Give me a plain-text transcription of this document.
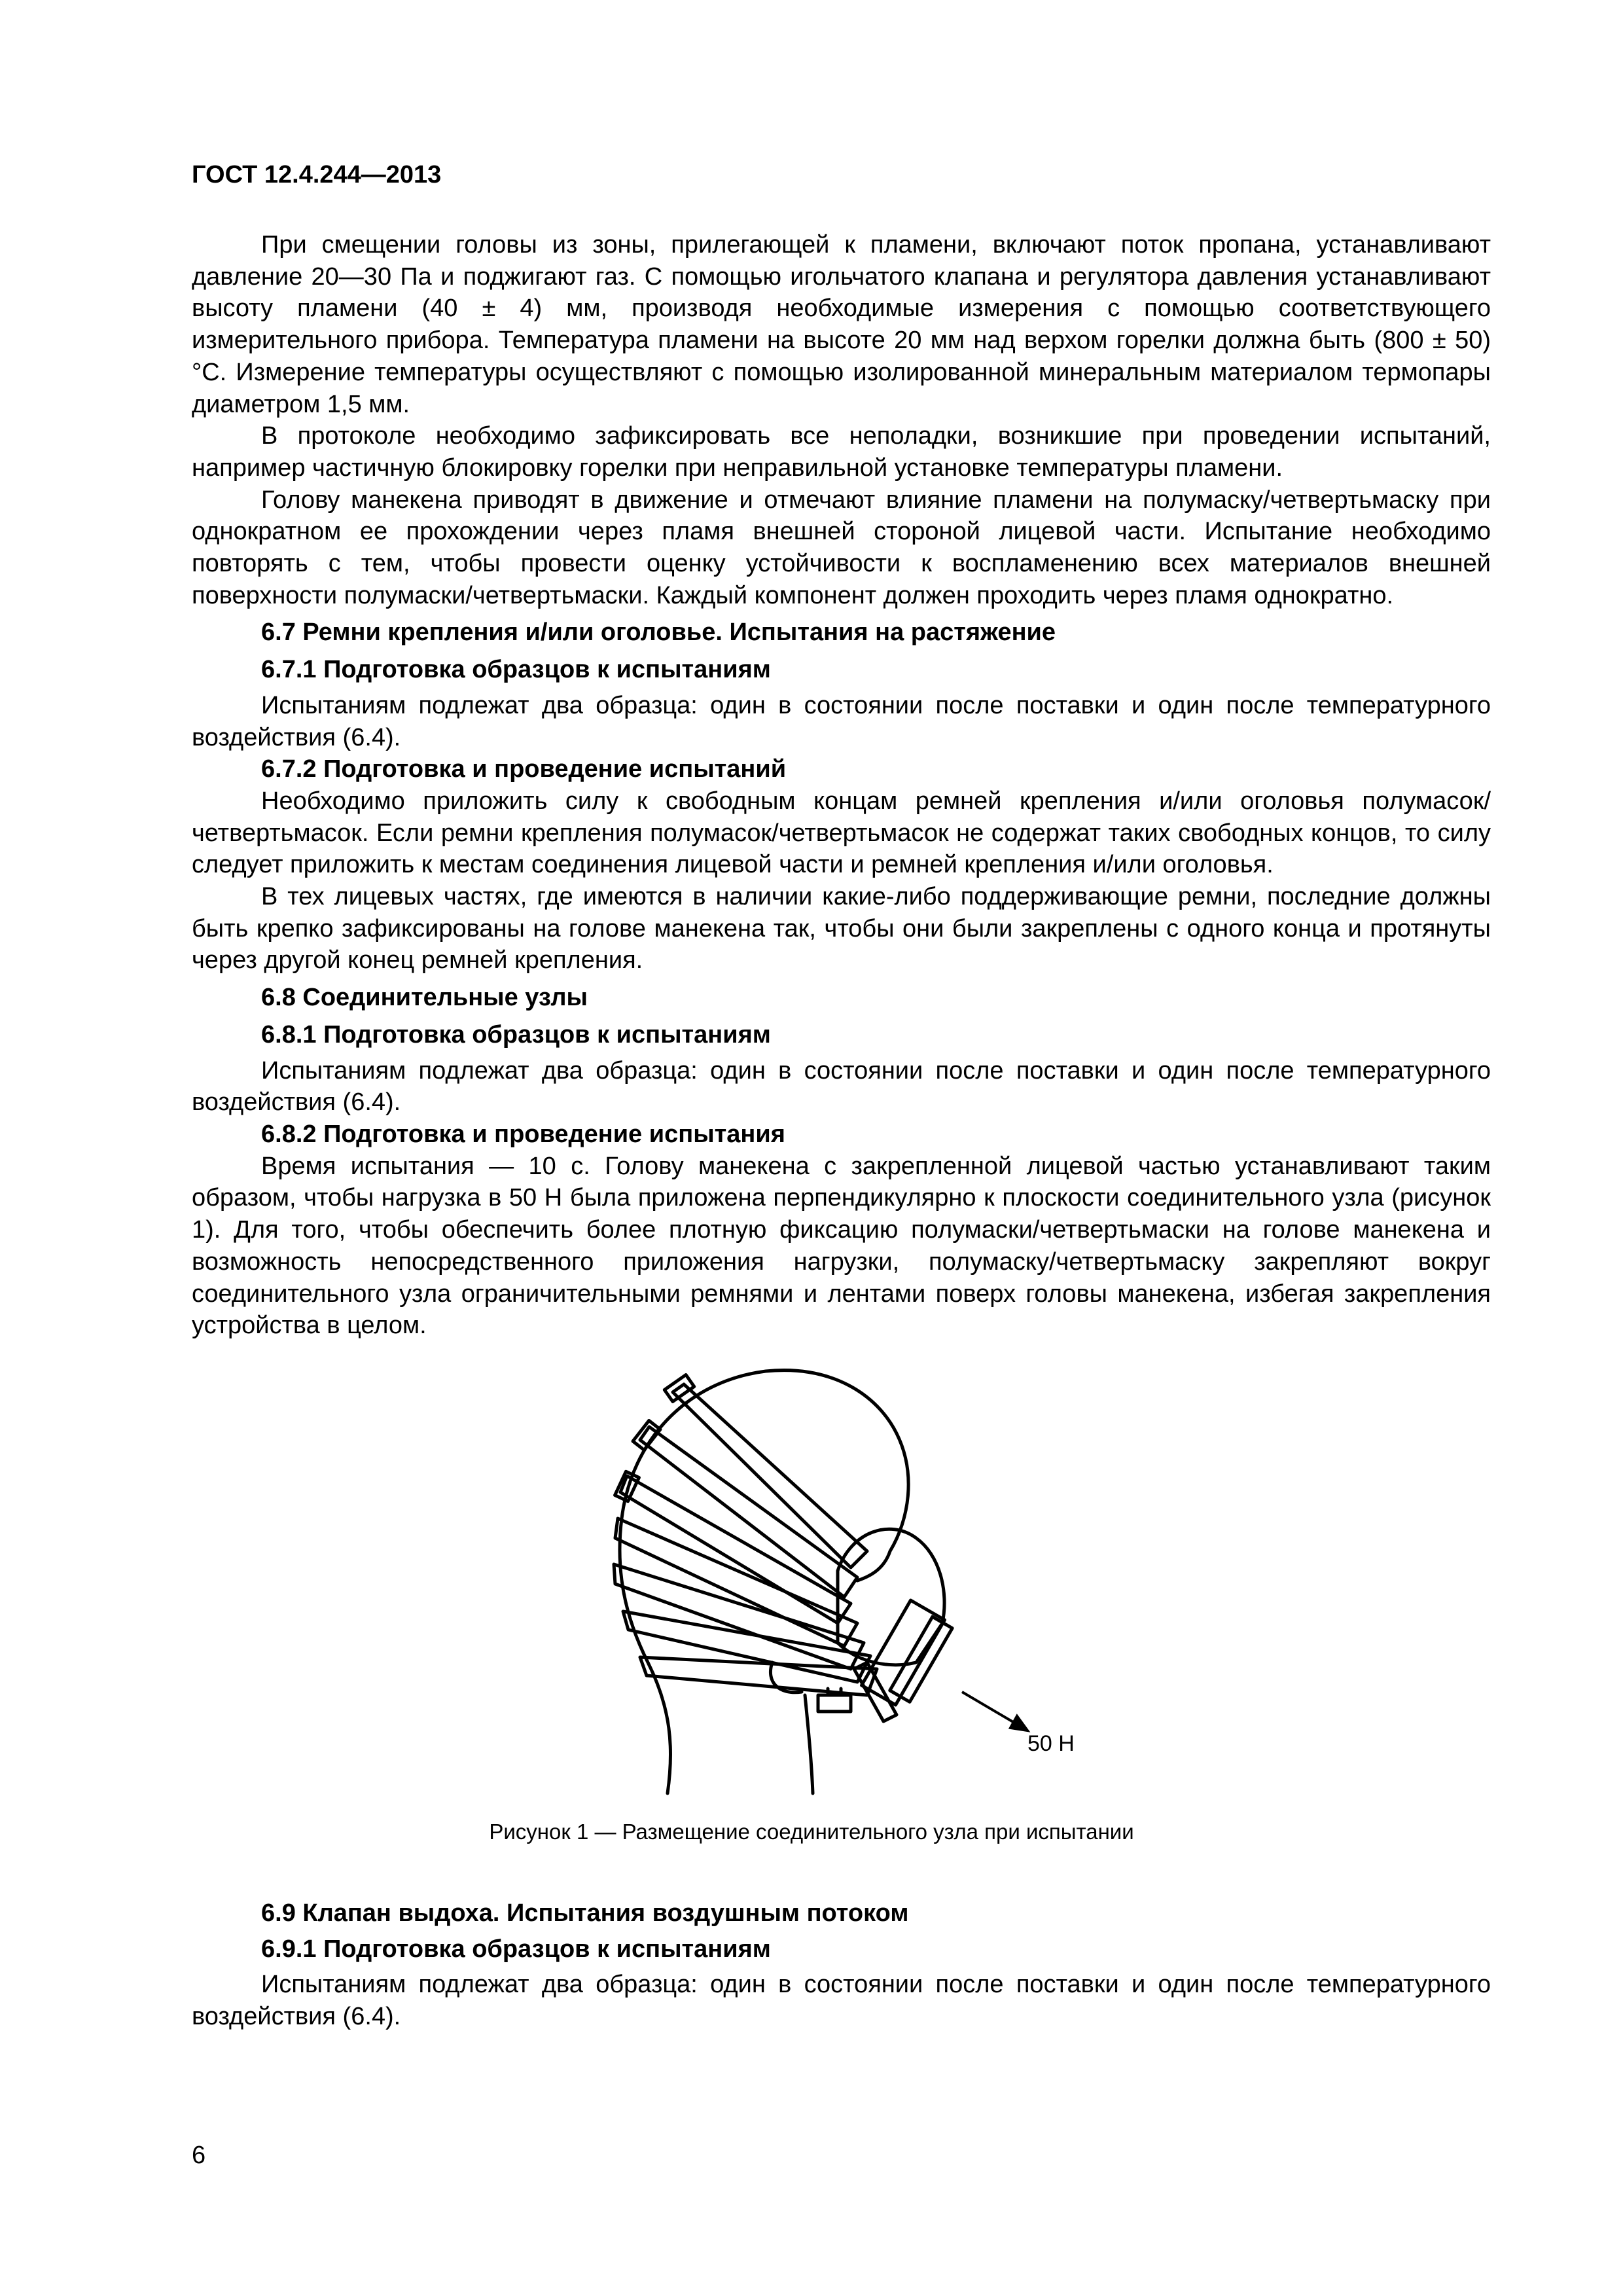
ГОСТ 12.4.244—2013

При смещении головы из зоны, прилегающей к пламени, включают поток пропана, устанавливают давление 20—30 Па и поджигают газ. С помощью игольчатого клапана и регулятора давления устанавливают высоту пламени (40 ± 4) мм, производя необходимые измерения с помощью соответствующего измерительного прибора. Температура пламени на высоте 20 мм над верхом горелки должна быть (800 ± 50) °С. Измерение температуры осуществляют с помощью изолированной минеральным материалом термопары диаметром 1,5 мм.

В протоколе необходимо зафиксировать все неполадки, возникшие при проведении испытаний, например частичную блокировку горелки при неправильной установке температуры пламени.

Голову манекена приводят в движение и отмечают влияние пламени на полумаску/четвертьмаску при однократном ее прохождении через пламя внешней стороной лицевой части. Испытание необходимо повторять с тем, чтобы провести оценку устойчивости к воспламенению всех материалов внешней поверхности полумаски/четвертьмаски. Каждый компонент должен проходить через пламя однократно.

6.7 Ремни крепления и/или оголовье. Испытания на растяжение

6.7.1 Подготовка образцов к испытаниям

Испытаниям подлежат два образца: один в состоянии после поставки и один после температурного воздействия (6.4).

6.7.2 Подготовка и проведение испытаний

Необходимо приложить силу к свободным концам ремней крепления и/или оголовья полумасок/четвертьмасок. Если ремни крепления полумасок/четвертьмасок не содержат таких свободных концов, то силу следует приложить к местам соединения лицевой части и ремней крепления и/или оголовья.

В тех лицевых частях, где имеются в наличии какие-либо поддерживающие ремни, последние должны быть крепко зафиксированы на голове манекена так, чтобы они были закреплены с одного конца и протянуты через другой конец ремней крепления.

6.8 Соединительные узлы

6.8.1 Подготовка образцов к испытаниям

Испытаниям подлежат два образца: один в состоянии после поставки и один после температурного воздействия (6.4).

6.8.2 Подготовка и проведение испытания

Время испытания — 10 с. Голову манекена с закрепленной лицевой частью устанавливают таким образом, чтобы нагрузка в 50 Н была приложена перпендикулярно к плоскости соединительного узла (рисунок 1). Для того, чтобы обеспечить более плотную фиксацию полумаски/четвертьмаски на голове манекена и возможность непосредственного приложения нагрузки, полумаску/четвертьмаску закрепляют вокруг соединительного узла ограничительными ремнями и лентами поверх головы манекена, избегая закрепления устройства в целом.

50 Н
Рисунок 1 — Размещение соединительного узла при испытании

6.9 Клапан выдоха. Испытания воздушным потоком

6.9.1 Подготовка образцов к испытаниям

Испытаниям подлежат два образца: один в состоянии после поставки и один после температурного воздействия (6.4).

6
